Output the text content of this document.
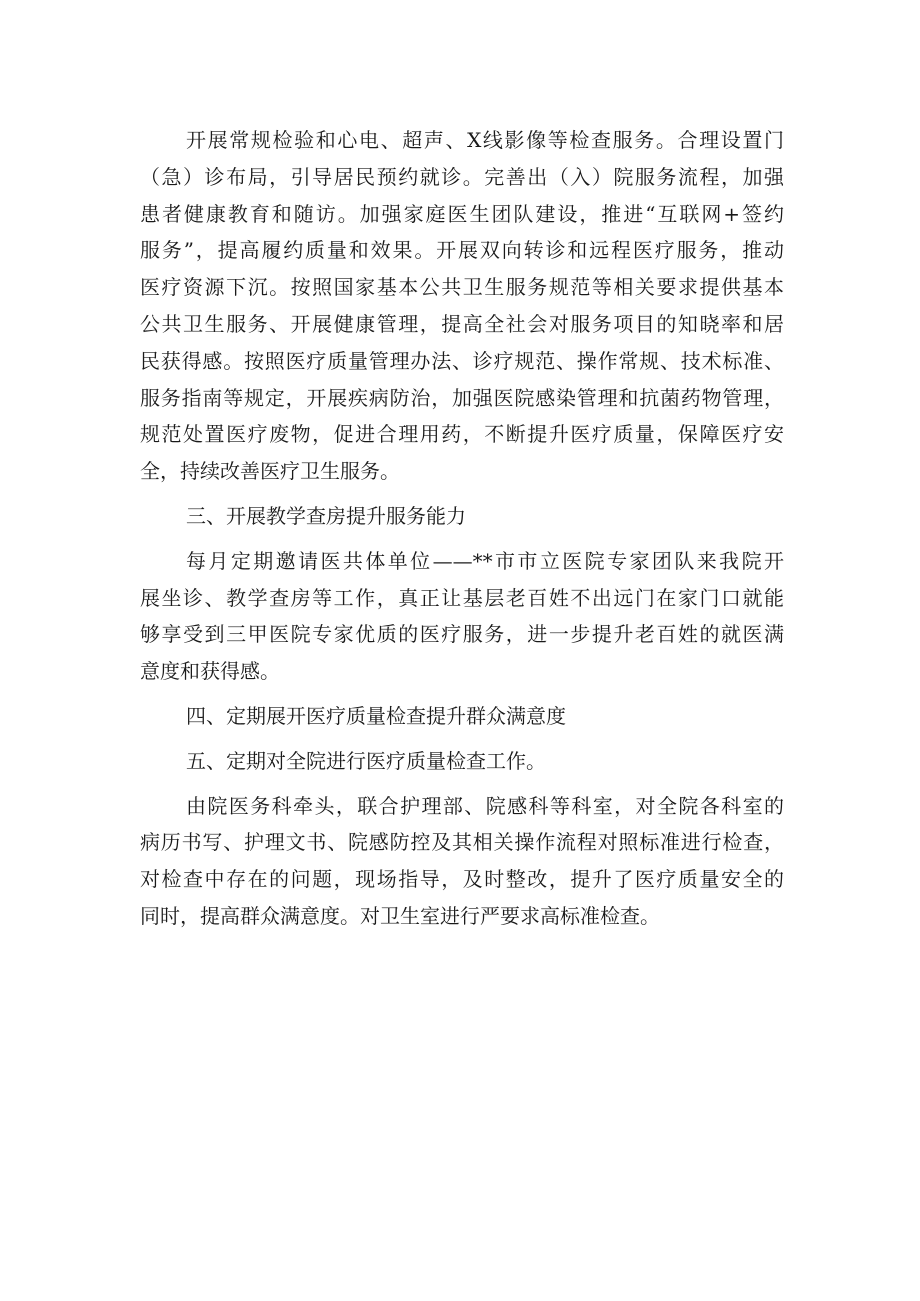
开展常规检验和心电、超声、X线影像等检查服务。合理设置门
（急）诊布局，引导居民预约就诊。完善出（入）院服务流程，加强
患者健康教育和随访。加强家庭医生团队建设，推进“互联网+签约
服务”，提高履约质量和效果。开展双向转诊和远程医疗服务，推动
医疗资源下沉。按照国家基本公共卫生服务规范等相关要求提供基本
公共卫生服务、开展健康管理，提高全社会对服务项目的知晓率和居
民获得感。按照医疗质量管理办法、诊疗规范、操作常规、技术标准、
服务指南等规定，开展疾病防治，加强医院感染管理和抗菌药物管理，
规范处置医疗废物，促进合理用药，不断提升医疗质量，保障医疗安
全，持续改善医疗卫生服务。
三、开展教学查房提升服务能力
每月定期邀请医共体单位——**市市立医院专家团队来我院开
展坐诊、教学查房等工作，真正让基层老百姓不出远门在家门口就能
够享受到三甲医院专家优质的医疗服务，进一步提升老百姓的就医满
意度和获得感。
四、定期展开医疗质量检查提升群众满意度
五、定期对全院进行医疗质量检查工作。
由院医务科牵头，联合护理部、院感科等科室，对全院各科室的
病历书写、护理文书、院感防控及其相关操作流程对照标准进行检查，
对检查中存在的问题，现场指导，及时整改，提升了医疗质量安全的
同时，提高群众满意度。对卫生室进行严要求高标准检查。
